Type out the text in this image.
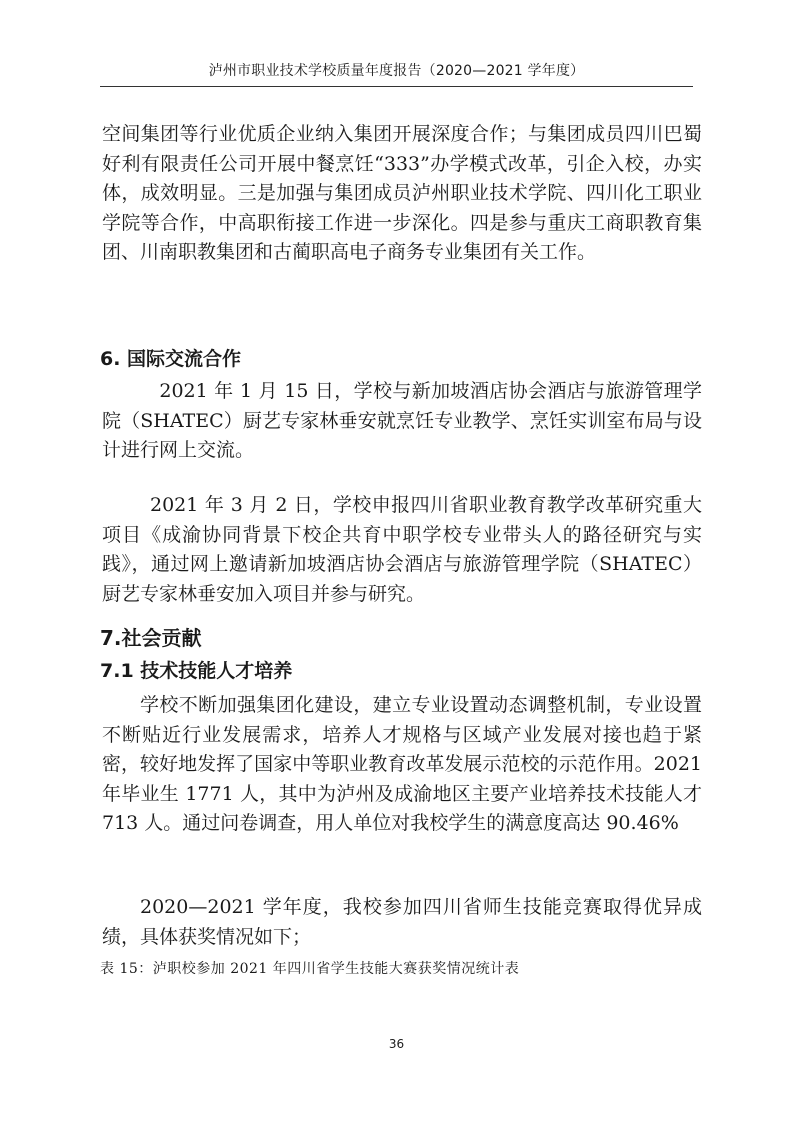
泸州市职业技术学校质量年度报告（2020—2021 学年度）

空间集团等行业优质企业纳入集团开展深度合作；与集团成员四川巴蜀好利有限责任公司开展中餐烹饪“333”办学模式改革，引企入校，办实体，成效明显。三是加强与集团成员泸州职业技术学院、四川化工职业学院等合作，中高职衔接工作进一步深化。四是参与重庆工商职教育集团、川南职教集团和古蔺职高电子商务专业集团有关工作。

6. 国际交流合作

　2021 年 1 月 15 日，学校与新加坡酒店协会酒店与旅游管理学院（SHATEC）厨艺专家林垂安就烹饪专业教学、烹饪实训室布局与设计进行网上交流。

2021 年 3 月 2 日，学校申报四川省职业教育教学改革研究重大项目《成渝协同背景下校企共育中职学校专业带头人的路径研究与实践》，通过网上邀请新加坡酒店协会酒店与旅游管理学院（SHATEC）厨艺专家林垂安加入项目并参与研究。

7.社会贡献
7.1 技术技能人才培养

学校不断加强集团化建设，建立专业设置动态调整机制，专业设置不断贴近行业发展需求，培养人才规格与区域产业发展对接也趋于紧密，较好地发挥了国家中等职业教育改革发展示范校的示范作用。2021 年毕业生 1771 人，其中为泸州及成渝地区主要产业培养技术技能人才 713 人。通过问卷调查，用人单位对我校学生的满意度高达 90.46%

2020—2021 学年度，我校参加四川省师生技能竞赛取得优异成绩，具体获奖情况如下；

表 15：泸职校参加 2021 年四川省学生技能大赛获奖情况统计表

36
